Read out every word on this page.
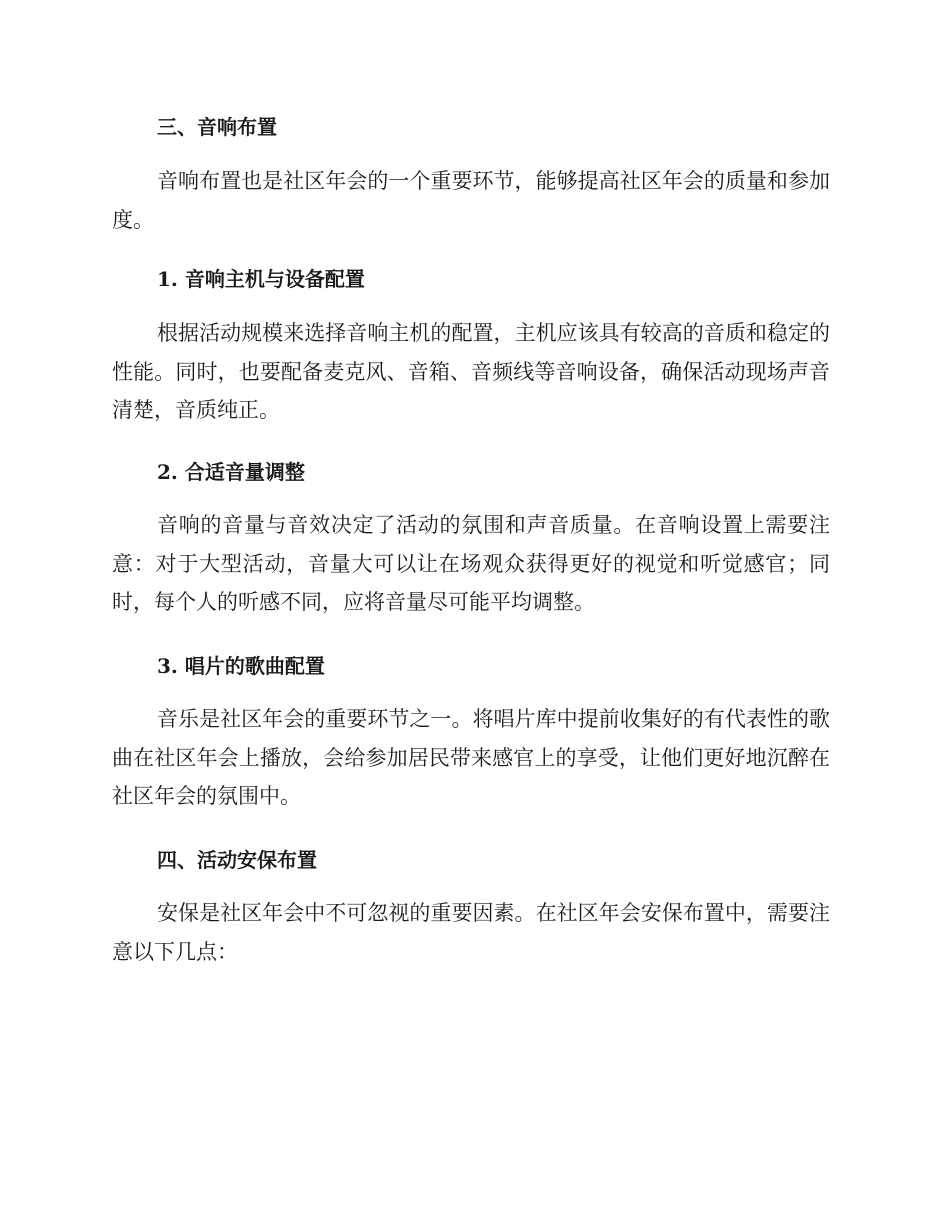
三、音响布置

音响布置也是社区年会的一个重要环节，能够提高社区年会的质量和参加度。

1. 音响主机与设备配置

根据活动规模来选择音响主机的配置，主机应该具有较高的音质和稳定的性能。同时，也要配备麦克风、音箱、音频线等音响设备，确保活动现场声音清楚，音质纯正。

2. 合适音量调整

音响的音量与音效决定了活动的氛围和声音质量。在音响设置上需要注意：对于大型活动，音量大可以让在场观众获得更好的视觉和听觉感官；同时，每个人的听感不同，应将音量尽可能平均调整。

3. 唱片的歌曲配置

音乐是社区年会的重要环节之一。将唱片库中提前收集好的有代表性的歌曲在社区年会上播放，会给参加居民带来感官上的享受，让他们更好地沉醉在社区年会的氛围中。

四、活动安保布置

安保是社区年会中不可忽视的重要因素。在社区年会安保布置中，需要注意以下几点：
